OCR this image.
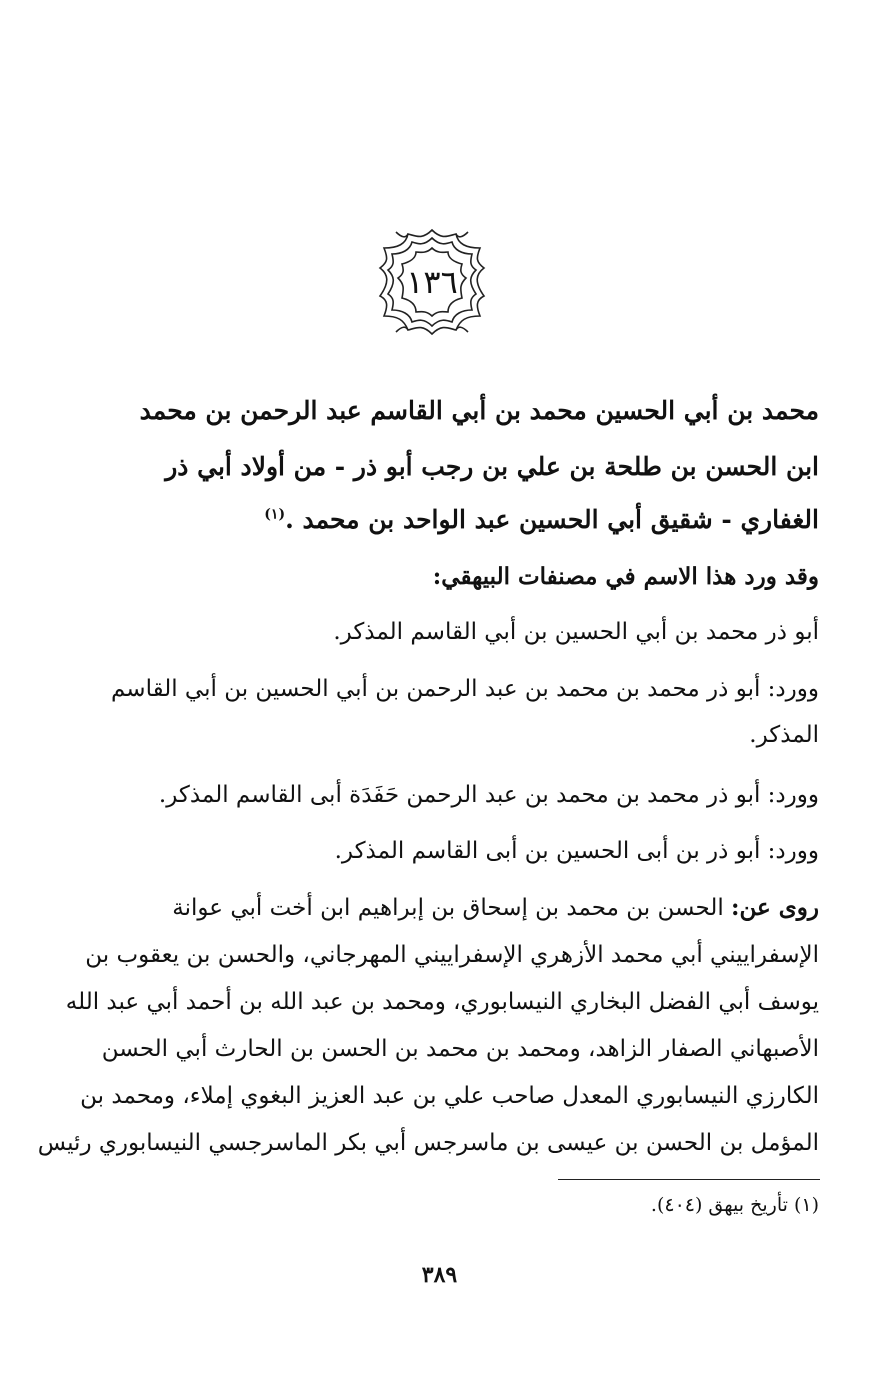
١٣٦
محمد بن أبي الحسين محمد بن أبي القاسم عبد الرحمن بن محمد
ابن الحسن بن طلحة بن علي بن رجب أبو ذر - من أولاد أبي ذر
الغفاري - شقيق أبي الحسين عبد الواحد بن محمد .$^{(١)}$
وقد ورد هذا الاسم في مصنفات البيهقي:
أبو ذر محمد بن أبي الحسين بن أبي القاسم المذكر.
وورد: أبو ذر محمد بن محمد بن عبد الرحمن بن أبي الحسين بن أبي القاسم
المذكر.
وورد: أبو ذر محمد بن محمد بن عبد الرحمن حَفَدَة أبى القاسم المذكر.
وورد: أبو ذر بن أبى الحسين بن أبى القاسم المذكر.
روى عن: الحسن بن محمد بن إسحاق بن إبراهيم ابن أخت أبي عوانة
الإسفراييني أبي محمد الأزهري الإسفراييني المهرجاني، والحسن بن يعقوب بن
يوسف أبي الفضل البخاري النيسابوري، ومحمد بن عبد الله بن أحمد أبي عبد الله
الأصبهاني الصفار الزاهد، ومحمد بن محمد بن الحسن بن الحارث أبي الحسن
الكارزي النيسابوري المعدل صاحب علي بن عبد العزيز البغوي إملاء، ومحمد بن
المؤمل بن الحسن بن عيسى بن ماسرجس أبي بكر الماسرجسي النيسابوري رئيس
(١) تأريخ بيهق (٤٠٤).
٣٨٩
